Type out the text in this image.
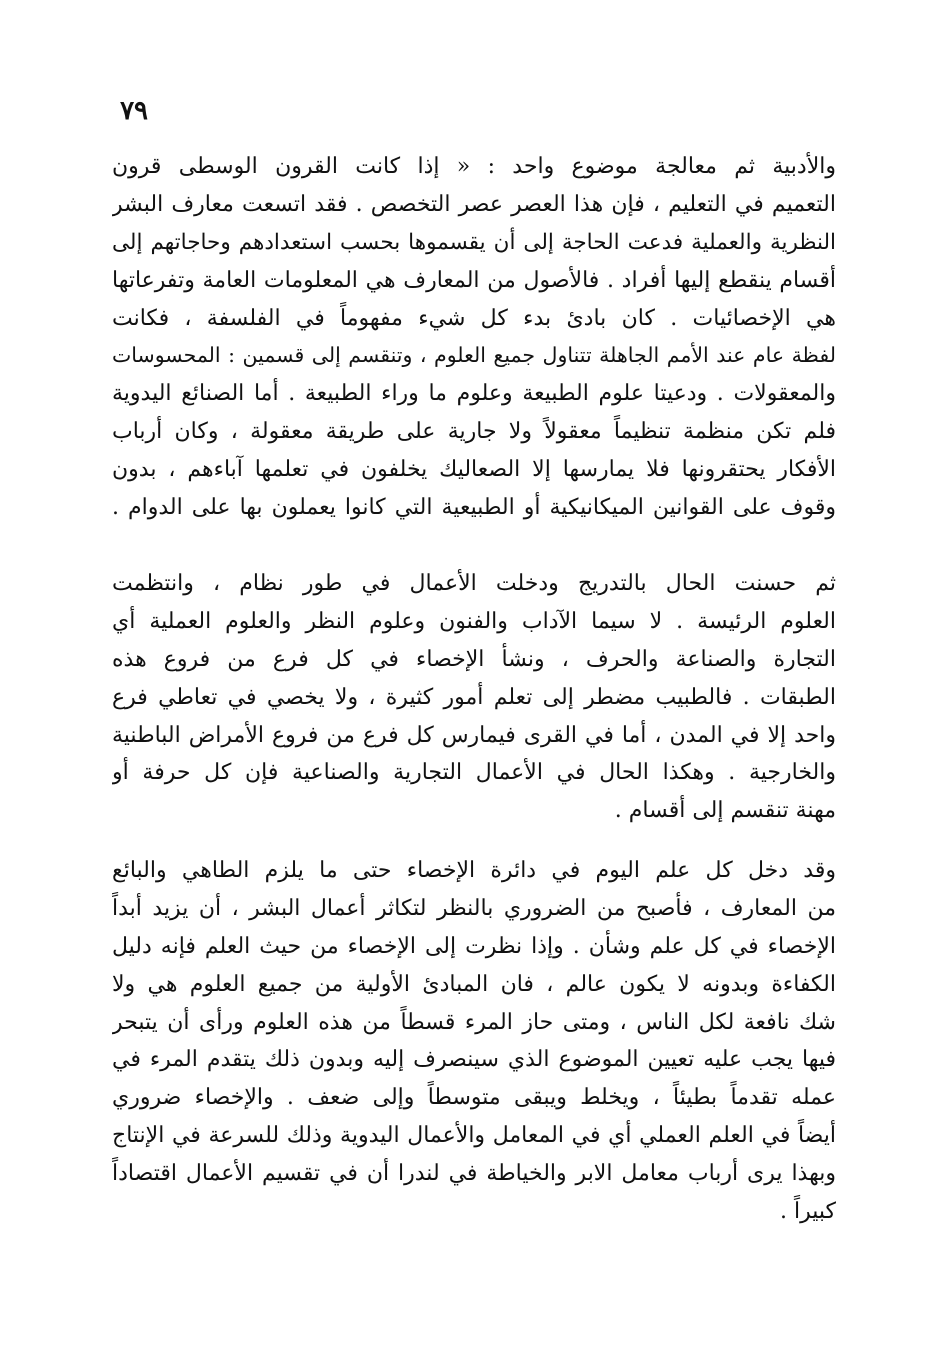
٧٩
والأدبية ثم معالجة موضوع واحد : « إذا كانت القرون الوسطى قرون
التعميم في التعليم ، فإن هذا العصر عصر التخصص . فقد اتسعت معارف البشر
النظرية والعملية فدعت الحاجة إلى أن يقسموها بحسب استعدادهم وحاجاتهم إلى
أقسام ينقطع إليها أفراد . فالأصول من المعارف هي المعلومات العامة وتفرعاتها
هي الإخصائيات . كان بادئ بدء كل شيء مفهوماً في الفلسفة ، فكانت
لفظة عام عند الأمم الجاهلة تتناول جميع العلوم ، وتنقسم إلى قسمين : المحسوسات
والمعقولات . ودعيتا علوم الطبيعة وعلوم ما وراء الطبيعة . أما الصنائع اليدوية
فلم تكن منظمة تنظيماً معقولاً ولا جارية على طريقة معقولة ، وكان أرباب
الأفكار يحتقرونها فلا يمارسها إلا الصعاليك يخلفون في تعلمها آباءهم ، بدون
وقوف على القوانين الميكانيكية أو الطبيعية التي كانوا يعملون بها على الدوام .
ثم حسنت الحال بالتدريج ودخلت الأعمال في طور نظام ، وانتظمت
العلوم الرئيسة . لا سيما الآداب والفنون وعلوم النظر والعلوم العملية أي
التجارة والصناعة والحرف ، ونشأ الإخصاء في كل فرع من فروع هذه
الطبقات . فالطبيب مضطر إلى تعلم أمور كثيرة ، ولا يخصي في تعاطي فرع
واحد إلا في المدن ، أما في القرى فيمارس كل فرع من فروع الأمراض الباطنية
والخارجية . وهكذا الحال في الأعمال التجارية والصناعية فإن كل حرفة أو
مهنة تنقسم إلى أقسام .
وقد دخل كل علم اليوم في دائرة الإخصاء حتى ما يلزم الطاهي والبائع
من المعارف ، فأصبح من الضروري بالنظر لتكاثر أعمال البشر ، أن يزيد أبداً
الإخصاء في كل علم وشأن . وإذا نظرت إلى الإخصاء من حيث العلم فإنه دليل
الكفاءة وبدونه لا يكون عالم ، فان المبادئ الأولية من جميع العلوم هي ولا
شك نافعة لكل الناس ، ومتى حاز المرء قسطاً من هذه العلوم ورأى أن يتبحر
فيها يجب عليه تعيين الموضوع الذي سينصرف إليه وبدون ذلك يتقدم المرء في
عمله تقدماً بطيئاً ، ويخلط ويبقى متوسطاً وإلى ضعف . والإخصاء ضروري
أيضاً في العلم العملي أي في المعامل والأعمال اليدوية وذلك للسرعة في الإنتاج
وبهذا يرى أرباب معامل الابر والخياطة في لندرا أن في تقسيم الأعمال اقتصاداً
كبيراً .
